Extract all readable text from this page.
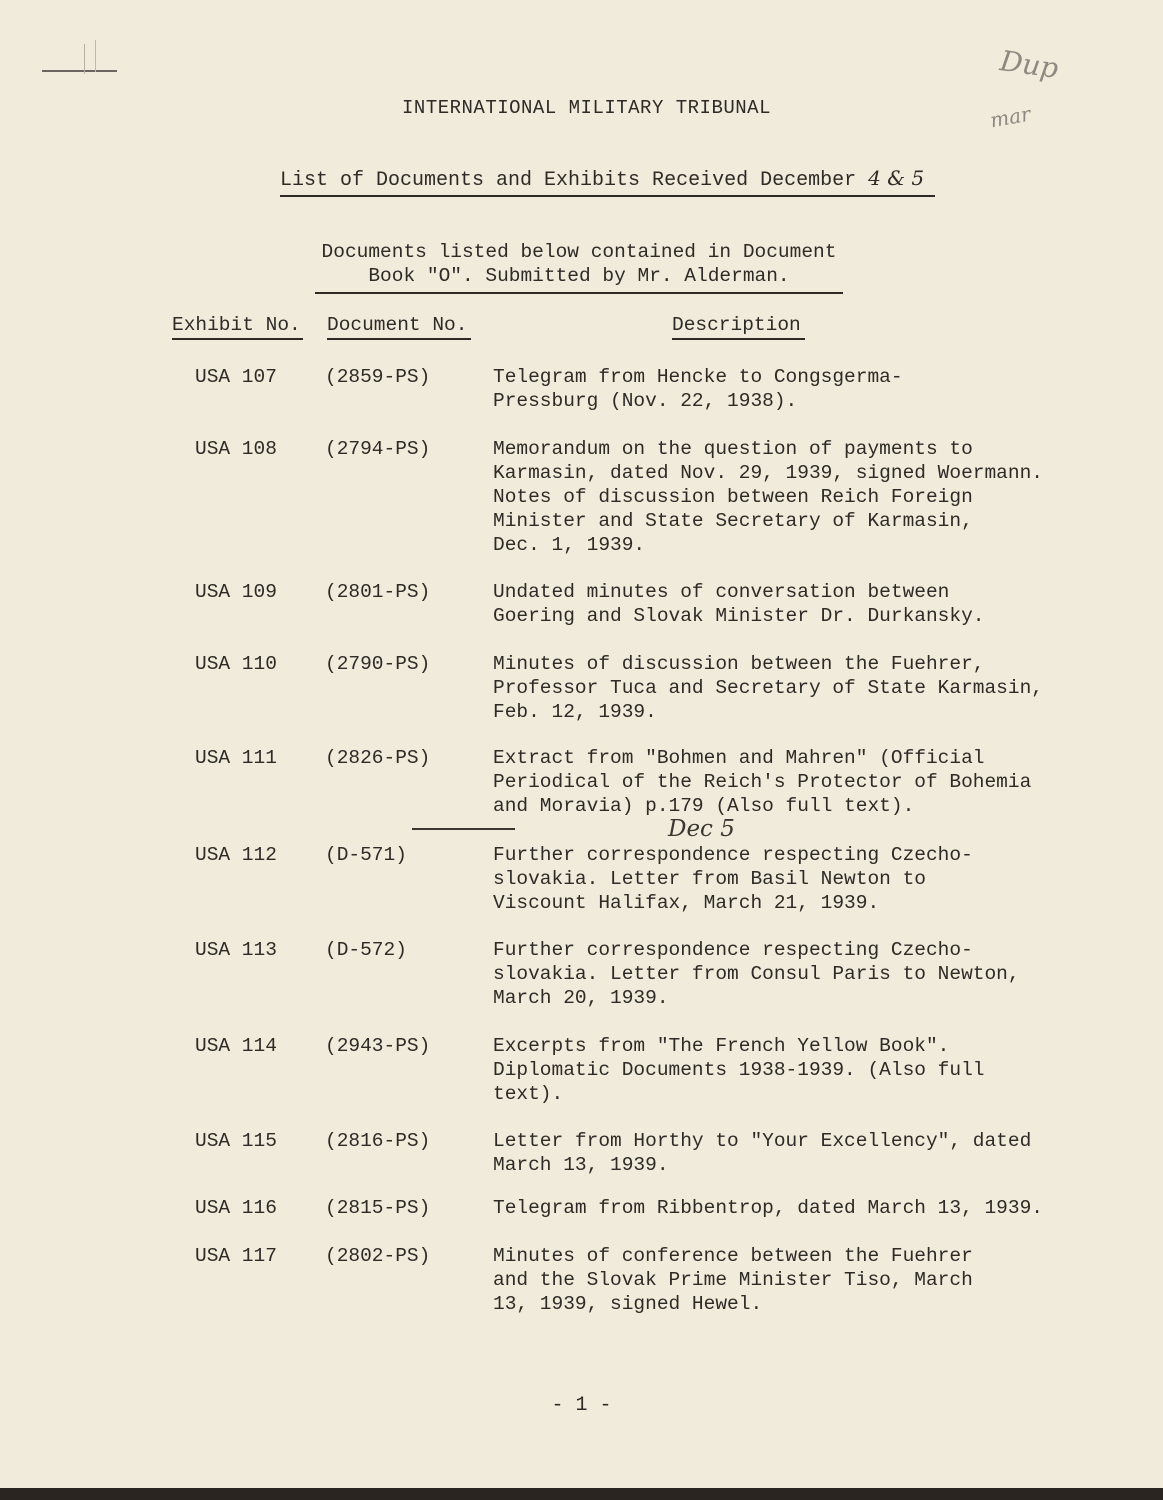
Dup
mar
INTERNATIONAL MILITARY TRIBUNAL
List of Documents and Exhibits Received December 4 & 5
Documents listed below contained in Document
Book "O". Submitted by Mr. Alderman.
Exhibit No. Document No.	Description
USA 107 (2859-PS)	Telegram from Hencke to Congsgerma-
Pressburg (Nov. 22, 1938).
USA 108 (2794-PS)	Memorandum on the question of payments to
Karmasin, dated Nov. 29, 1939, signed Woermann.
Notes of discussion between Reich Foreign
Minister and State Secretary of Karmasin,
Dec. 1, 1939.
USA 109 (2801-PS)	Undated minutes of conversation between
Goering and Slovak Minister Dr. Durkansky.
USA 110 (2790-PS)	Minutes of discussion between the Fuehrer,
Professor Tuca and Secretary of State Karmasin,
Feb. 12, 1939.
USA 111 (2826-PS)	Extract from "Bohmen and Mahren" (Official
Periodical of the Reich's Protector of Bohemia
and Moravia) p.179 (Also full text).
Dec 5
USA 112 (D-571)	Further correspondence respecting Czecho-
slovakia. Letter from Basil Newton to
Viscount Halifax, March 21, 1939.
USA 113 (D-572)	Further correspondence respecting Czecho-
slovakia. Letter from Consul Paris to Newton,
March 20, 1939.
USA 114 (2943-PS)	Excerpts from "The French Yellow Book".
Diplomatic Documents 1938-1939. (Also full
text).
USA 115 (2816-PS)	Letter from Horthy to "Your Excellency", dated
March 13, 1939.
USA 116 (2815-PS)	Telegram from Ribbentrop, dated March 13, 1939.
USA 117 (2802-PS)	Minutes of conference between the Fuehrer
and the Slovak Prime Minister Tiso, March
13, 1939, signed Hewel.
- 1 -
